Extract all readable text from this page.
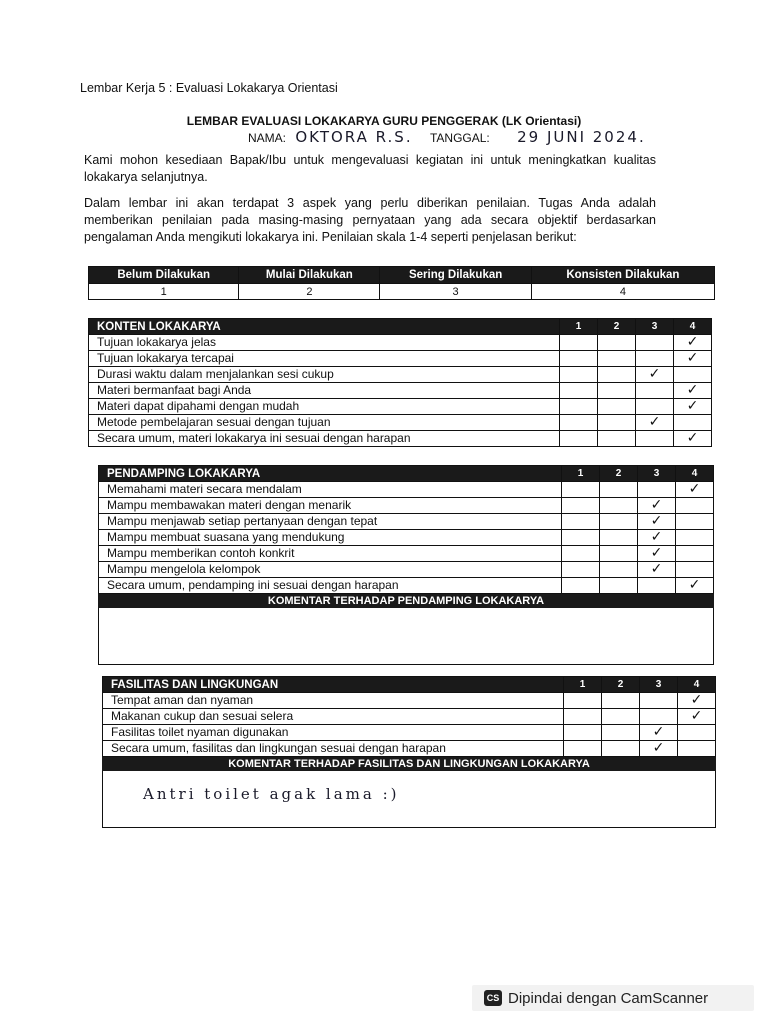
Lembar Kerja 5 : Evaluasi Lokakarya Orientasi
LEMBAR EVALUASI LOKAKARYA GURU PENGGERAK (LK Orientasi)
NAMA: OKTORA R.S. TANGGAL: 29 JUNI 2024.
Kami mohon kesediaan Bapak/Ibu untuk mengevaluasi kegiatan ini untuk meningkatkan kualitas lokakarya selanjutnya.
Dalam lembar ini akan terdapat 3 aspek yang perlu diberikan penilaian. Tugas Anda adalah memberikan penilaian pada masing-masing pernyataan yang ada secara objektif berdasarkan pengalaman Anda mengikuti lokakarya ini. Penilaian skala 1-4 seperti penjelasan berikut:
Belum Dilakukan	Mulai Dilakukan	Sering Dilakukan	Konsisten Dilakukan
1	2	3	4
KONTEN LOKAKARYA	1	2	3	4
Tujuan lokakarya jelas				✓
Tujuan lokakarya tercapai				✓
Durasi waktu dalam menjalankan sesi cukup			✓	
Materi bermanfaat bagi Anda				✓
Materi dapat dipahami dengan mudah				✓
Metode pembelajaran sesuai dengan tujuan			✓	
Secara umum, materi lokakarya ini sesuai dengan harapan				✓
PENDAMPING LOKAKARYA	1	2	3	4
Memahami materi secara mendalam				✓
Mampu membawakan materi dengan menarik			✓	
Mampu menjawab setiap pertanyaan dengan tepat			✓	
Mampu membuat suasana yang mendukung			✓	
Mampu memberikan contoh konkrit			✓	
Mampu mengelola kelompok			✓	
Secara umum, pendamping ini sesuai dengan harapan				✓
KOMENTAR TERHADAP PENDAMPING LOKAKARYA
FASILITAS DAN LINGKUNGAN	1	2	3	4
Tempat aman dan nyaman				✓
Makanan cukup dan sesuai selera				✓
Fasilitas toilet nyaman digunakan			✓	
Secara umum, fasilitas dan lingkungan sesuai dengan harapan			✓	
KOMENTAR TERHADAP FASILITAS DAN LINGKUNGAN LOKAKARYA
Antri toilet agak lama :)
CS Dipindai dengan CamScanner
